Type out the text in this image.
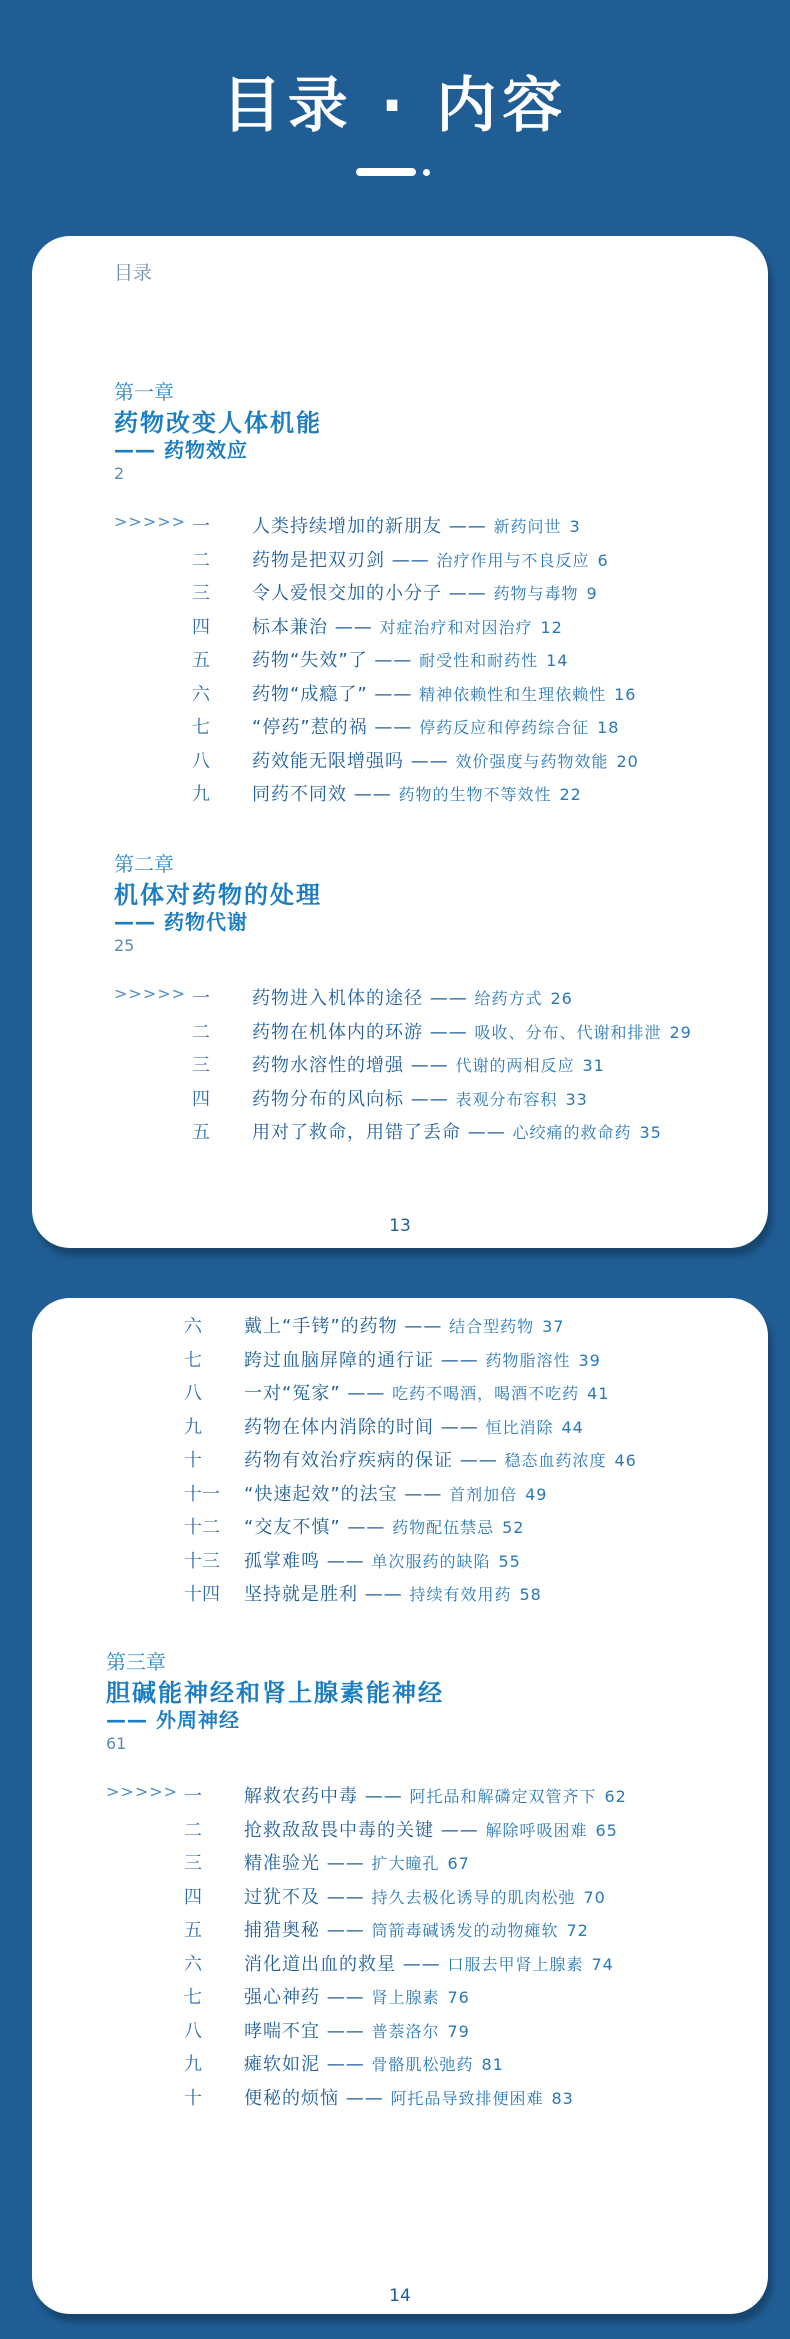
目录 · 内容
目录
第一章
药物改变人体机能
—— 药物效应
2
>>>>> 一 人类持续增加的新朋友 —— 新药问世 3
二 药物是把双刃剑 —— 治疗作用与不良反应 6
三 令人爱恨交加的小分子 —— 药物与毒物 9
四 标本兼治 —— 对症治疗和对因治疗 12
五 药物“失效”了 —— 耐受性和耐药性 14
六 药物“成瘾了” —— 精神依赖性和生理依赖性 16
七 “停药”惹的祸 —— 停药反应和停药综合征 18
八 药效能无限增强吗 —— 效价强度与药物效能 20
九 同药不同效 —— 药物的生物不等效性 22
第二章
机体对药物的处理
—— 药物代谢
25
>>>>> 一 药物进入机体的途径 —— 给药方式 26
二 药物在机体内的环游 —— 吸收、分布、代谢和排泄 29
三 药物水溶性的增强 —— 代谢的两相反应 31
四 药物分布的风向标 —— 表观分布容积 33
五 用对了救命，用错了丢命 —— 心绞痛的救命药 35
13
六 戴上“手铐”的药物 —— 结合型药物 37
七 跨过血脑屏障的通行证 —— 药物脂溶性 39
八 一对“冤家” —— 吃药不喝酒，喝酒不吃药 41
九 药物在体内消除的时间 —— 恒比消除 44
十 药物有效治疗疾病的保证 —— 稳态血药浓度 46
十一 “快速起效”的法宝 —— 首剂加倍 49
十二 “交友不慎” —— 药物配伍禁忌 52
十三 孤掌难鸣 —— 单次服药的缺陷 55
十四 坚持就是胜利 —— 持续有效用药 58
第三章
胆碱能神经和肾上腺素能神经
—— 外周神经
61
>>>>> 一 解救农药中毒 —— 阿托品和解磷定双管齐下 62
二 抢救敌敌畏中毒的关键 —— 解除呼吸困难 65
三 精准验光 —— 扩大瞳孔 67
四 过犹不及 —— 持久去极化诱导的肌肉松弛 70
五 捕猎奥秘 —— 筒箭毒碱诱发的动物瘫软 72
六 消化道出血的救星 —— 口服去甲肾上腺素 74
七 强心神药 —— 肾上腺素 76
八 哮喘不宜 —— 普萘洛尔 79
九 瘫软如泥 —— 骨骼肌松弛药 81
十 便秘的烦恼 —— 阿托品导致排便困难 83
14
